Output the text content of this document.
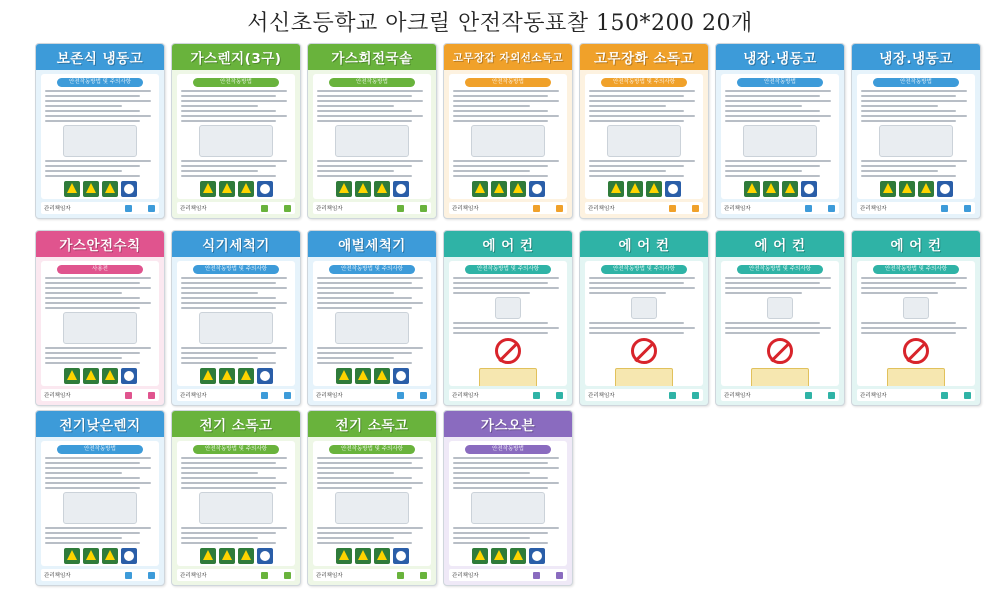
서신초등학교 아크릴 안전작동표찰 150*200 20개
보존식 냉동고
안전작동방법 및 주의사항
관리책임자
가스렌지(3구)
안전작동방법
관리책임자
가스회전국솥
안전작동방법
관리책임자
고무장갑 자외선소독고
안전작동방법
관리책임자
고무장화 소독고
안전작동방법 및 주의사항
관리책임자
냉장.냉동고
안전작동방법
관리책임자
냉장.냉동고
안전작동방법
관리책임자
가스안전수칙
사용전
관리책임자
식기세척기
안전작동방법 및 주의사항
관리책임자
애벌세척기
안전작동방법 및 주의사항
관리책임자
에 어 컨
안전작동방법 및 주의사항
관리책임자
에 어 컨
안전작동방법 및 주의사항
관리책임자
에 어 컨
안전작동방법 및 주의사항
관리책임자
에 어 컨
안전작동방법 및 주의사항
관리책임자
전기낮은렌지
안전작동방법
관리책임자
전기 소독고
안전작동방법 및 주의사항
관리책임자
전기 소독고
안전작동방법 및 주의사항
관리책임자
가스오븐
안전작동방법
관리책임자
